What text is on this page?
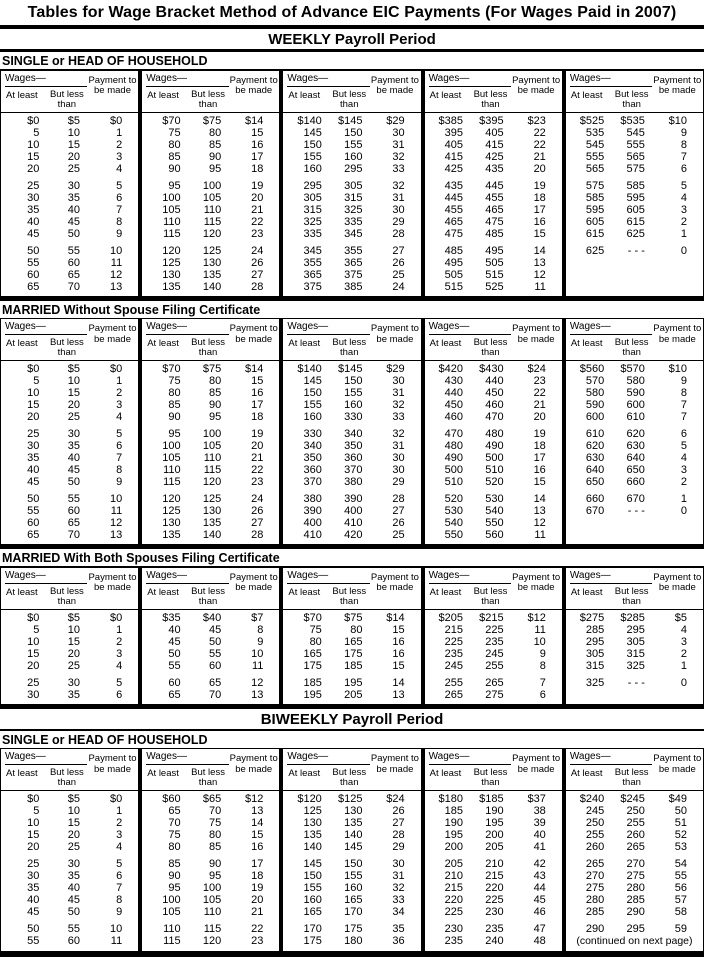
Tables for Wage Bracket Method of Advance EIC Payments (For Wages Paid in 2007)
WEEKLY Payroll Period
SINGLE or HEAD OF HOUSEHOLD
Wages—
At least	But less than
Payment to be made
$0	$5	$0
5	10	1
10	15	2
15	20	3
20	25	4
25	30	5
30	35	6
35	40	7
40	45	8
45	50	9
50	55	10
55	60	11
60	65	12
65	70	13
Wages—
At least	But less than
Payment to be made
$70	$75	$14
75	80	15
80	85	16
85	90	17
90	95	18
95	100	19
100	105	20
105	110	21
110	115	22
115	120	23
120	125	24
125	130	26
130	135	27
135	140	28
Wages—
At least	But less than
Payment to be made
$140	$145	$29
145	150	30
150	155	31
155	160	32
160	295	33
295	305	32
305	315	31
315	325	30
325	335	29
335	345	28
345	355	27
355	365	26
365	375	25
375	385	24
Wages—
At least	But less than
Payment to be made
$385	$395	$23
395	405	22
405	415	22
415	425	21
425	435	20
435	445	19
445	455	18
455	465	17
465	475	16
475	485	15
485	495	14
495	505	13
505	515	12
515	525	11
Wages—
At least	But less than
Payment to be made
$525	$535	$10
535	545	9
545	555	8
555	565	7
565	575	6
575	585	5
585	595	4
595	605	3
605	615	2
615	625	1
625	- - -	0
MARRIED Without Spouse Filing Certificate
Wages—
At least	But less than
Payment to be made
$0	$5	$0
5	10	1
10	15	2
15	20	3
20	25	4
25	30	5
30	35	6
35	40	7
40	45	8
45	50	9
50	55	10
55	60	11
60	65	12
65	70	13
Wages—
At least	But less than
Payment to be made
$70	$75	$14
75	80	15
80	85	16
85	90	17
90	95	18
95	100	19
100	105	20
105	110	21
110	115	22
115	120	23
120	125	24
125	130	26
130	135	27
135	140	28
Wages—
At least	But less than
Payment to be made
$140	$145	$29
145	150	30
150	155	31
155	160	32
160	330	33
330	340	32
340	350	31
350	360	30
360	370	30
370	380	29
380	390	28
390	400	27
400	410	26
410	420	25
Wages—
At least	But less than
Payment to be made
$420	$430	$24
430	440	23
440	450	22
450	460	21
460	470	20
470	480	19
480	490	18
490	500	17
500	510	16
510	520	15
520	530	14
530	540	13
540	550	12
550	560	11
Wages—
At least	But less than
Payment to be made
$560	$570	$10
570	580	9
580	590	8
590	600	7
600	610	7
610	620	6
620	630	5
630	640	4
640	650	3
650	660	2
660	670	1
670	- - -	0
MARRIED With Both Spouses Filing Certificate
Wages—
At least	But less than
Payment to be made
$0	$5	$0
5	10	1
10	15	2
15	20	3
20	25	4
25	30	5
30	35	6
Wages—
At least	But less than
Payment to be made
$35	$40	$7
40	45	8
45	50	9
50	55	10
55	60	11
60	65	12
65	70	13
Wages—
At least	But less than
Payment to be made
$70	$75	$14
75	80	15
80	165	16
165	175	16
175	185	15
185	195	14
195	205	13
Wages—
At least	But less than
Payment to be made
$205	$215	$12
215	225	11
225	235	10
235	245	9
245	255	8
255	265	7
265	275	6
Wages—
At least	But less than
Payment to be made
$275	$285	$5
285	295	4
295	305	3
305	315	2
315	325	1
325	- - -	0
BIWEEKLY Payroll Period
SINGLE or HEAD OF HOUSEHOLD
Wages—
At least	But less than
Payment to be made
$0	$5	$0
5	10	1
10	15	2
15	20	3
20	25	4
25	30	5
30	35	6
35	40	7
40	45	8
45	50	9
50	55	10
55	60	11
Wages—
At least	But less than
Payment to be made
$60	$65	$12
65	70	13
70	75	14
75	80	15
80	85	16
85	90	17
90	95	18
95	100	19
100	105	20
105	110	21
110	115	22
115	120	23
Wages—
At least	But less than
Payment to be made
$120	$125	$24
125	130	26
130	135	27
135	140	28
140	145	29
145	150	30
150	155	31
155	160	32
160	165	33
165	170	34
170	175	35
175	180	36
Wages—
At least	But less than
Payment to be made
$180	$185	$37
185	190	38
190	195	39
195	200	40
200	205	41
205	210	42
210	215	43
215	220	44
220	225	45
225	230	46
230	235	47
235	240	48
Wages—
At least	But less than
Payment to be made
$240	$245	$49
245	250	50
250	255	51
255	260	52
260	265	53
265	270	54
270	275	55
275	280	56
280	285	57
285	290	58
290	295	59
(continued on next page)
